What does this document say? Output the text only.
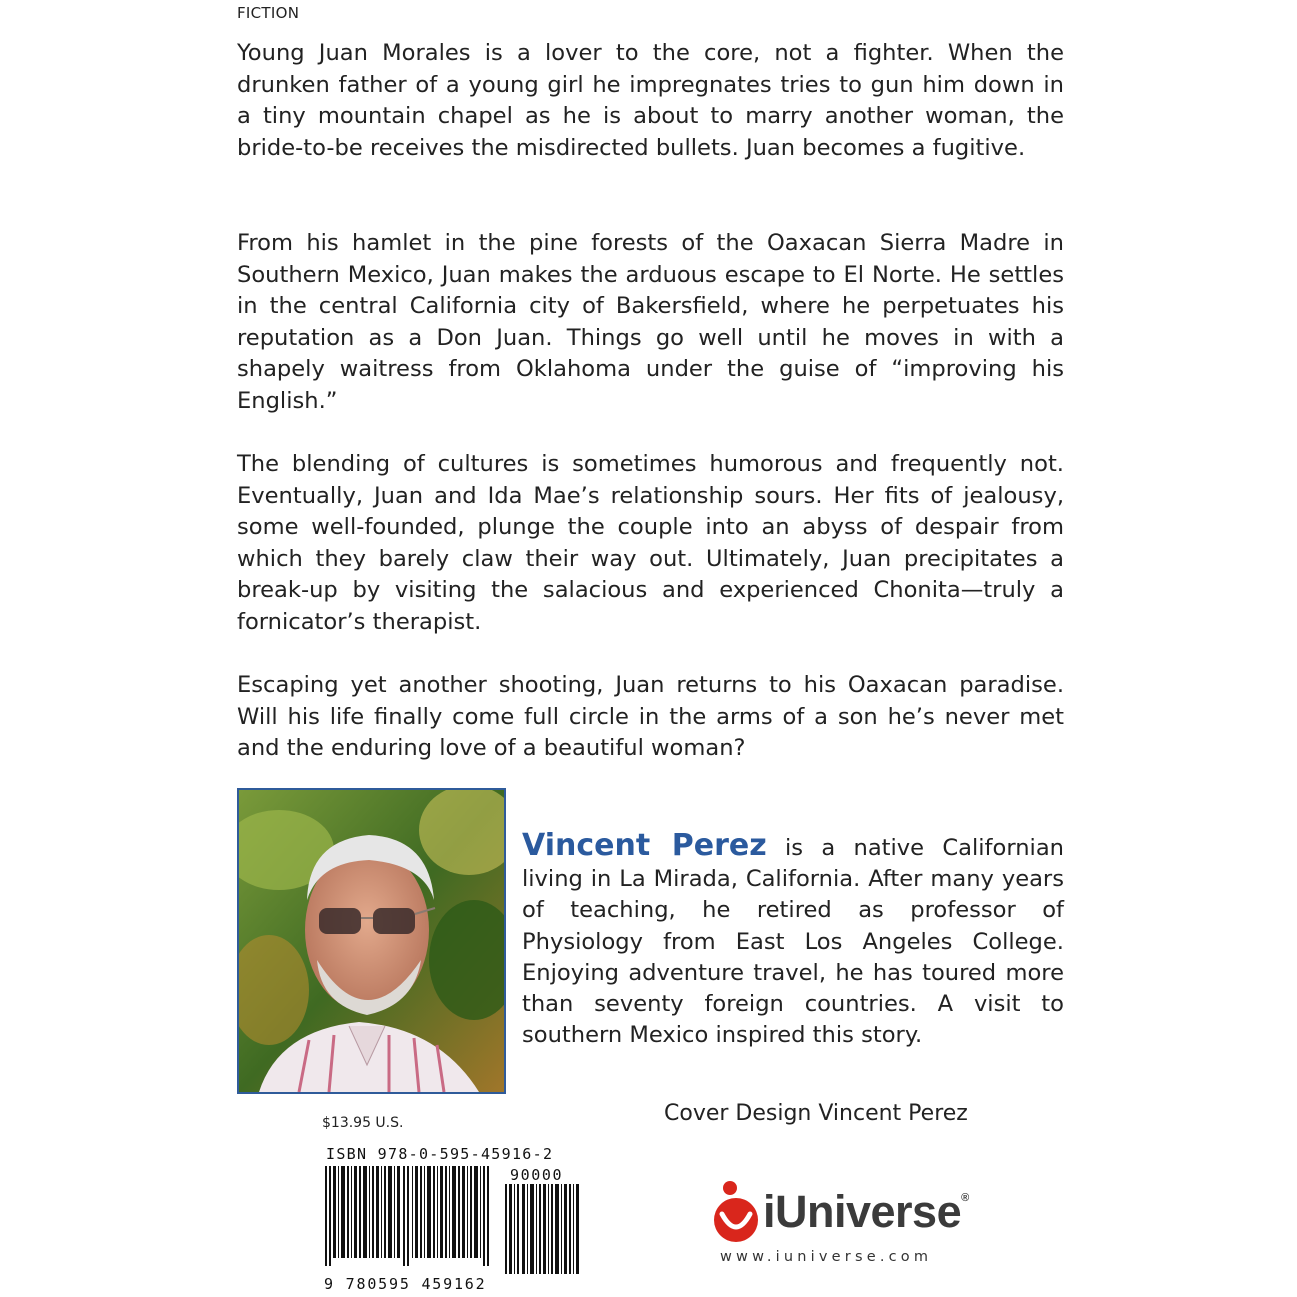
FICTION

Young Juan Morales is a lover to the core, not a fighter. When the drunken father of a young girl he impregnates tries to gun him down in a tiny mountain chapel as he is about to marry another woman, the bride-to-be receives the misdirected bullets. Juan becomes a fugitive.

From his hamlet in the pine forests of the Oaxacan Sierra Madre in Southern Mexico, Juan makes the arduous escape to El Norte. He settles in the central California city of Bakersfield, where he perpetuates his reputation as a Don Juan. Things go well until he moves in with a shapely waitress from Oklahoma under the guise of “improving his English.”

The blending of cultures is sometimes humorous and frequently not. Eventually, Juan and Ida Mae’s relationship sours. Her fits of jealousy, some well-founded, plunge the couple into an abyss of despair from which they barely claw their way out. Ultimately, Juan precipitates a break-up by visiting the salacious and experienced Chonita—truly a fornicator’s therapist.

Escaping yet another shooting, Juan returns to his Oaxacan paradise. Will his life finally come full circle in the arms of a son he’s never met and the enduring love of a beautiful woman?

Vincent Perez is a native Californian living in La Mirada, California. After many years of teaching, he retired as professor of Physiology from East Los Angeles College. Enjoying adventure travel, he has toured more than seventy foreign countries. A visit to southern Mexico inspired this story.
Cover Design Vincent Perez
$13.95 U.S.
ISBN 978-0-595-45916-2
90000
9 780595 459162
iUniverse®
www.iuniverse.com
